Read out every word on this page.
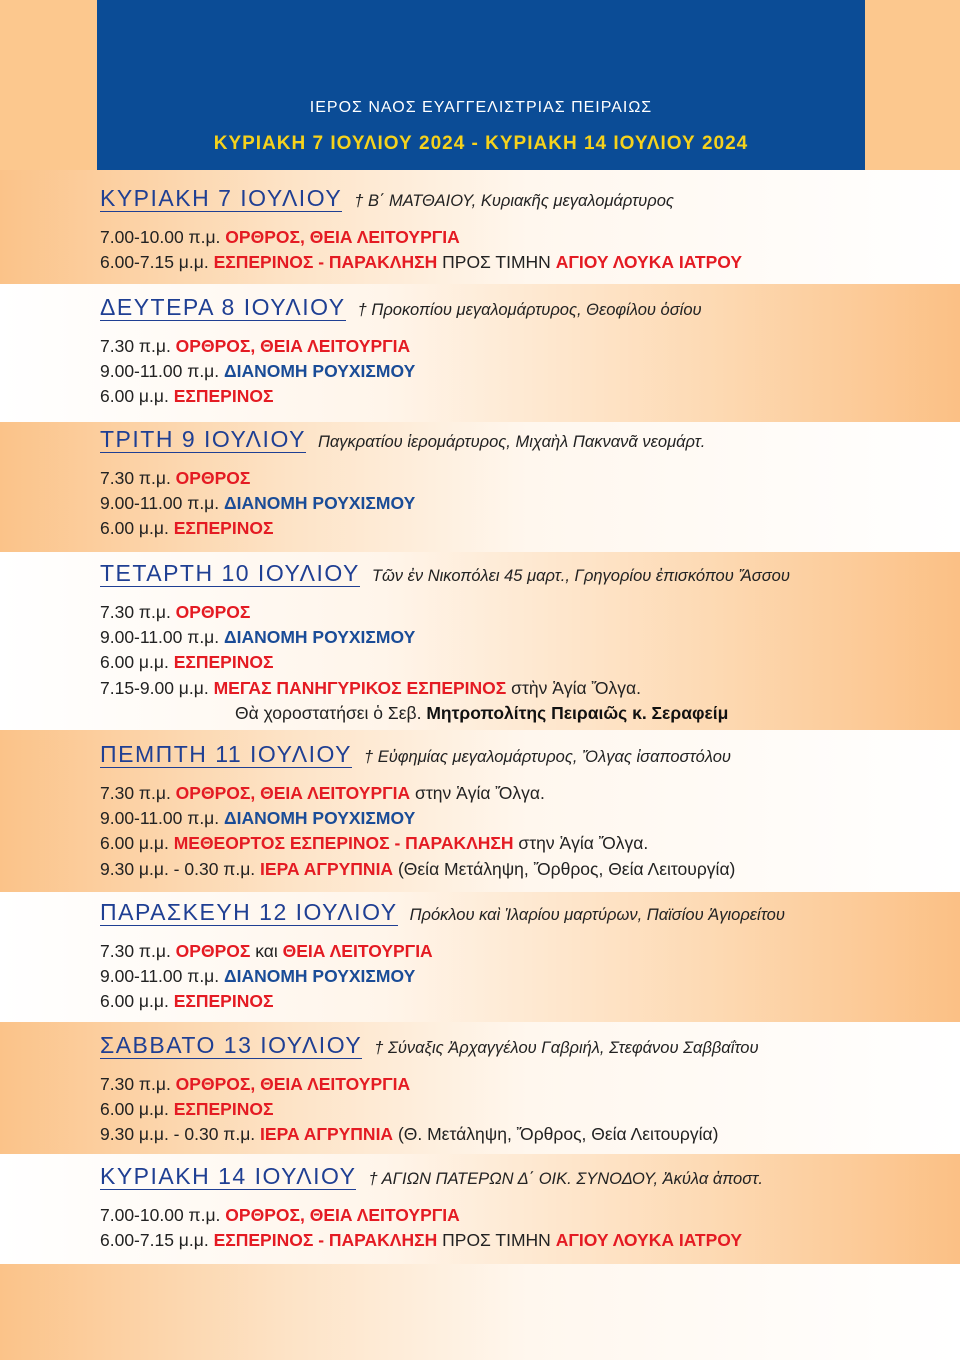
ΙΕΡΟΣ ΝΑΟΣ ΕΥΑΓΓΕΛΙΣΤΡΙΑΣ ΠΕΙΡΑΙΩΣ
ΚΥΡΙΑΚΗ 7 ΙΟΥΛΙΟΥ 2024 - ΚΥΡΙΑΚΗ 14 ΙΟΥΛΙΟΥ 2024
ΚΥΡΙΑΚΗ 7 ΙΟΥΛΙΟΥ † Β΄ ΜΑΤΘΑΙΟΥ, Κυριακῆς μεγαλομάρτυρος
7.00-10.00 π.μ. ΟΡΘΡΟΣ, ΘΕΙΑ ΛΕΙΤΟΥΡΓΙΑ
6.00-7.15 μ.μ. ΕΣΠΕΡΙΝΟΣ - ΠΑΡΑΚΛΗΣΗ ΠΡΟΣ ΤΙΜΗΝ ΑΓΙΟΥ ΛΟΥΚΑ ΙΑΤΡΟΥ
ΔΕΥΤΕΡΑ 8 ΙΟΥΛΙΟΥ † Προκοπίου μεγαλομάρτυρος, Θεοφίλου ὁσίου
7.30 π.μ. ΟΡΘΡΟΣ, ΘΕΙΑ ΛΕΙΤΟΥΡΓΙΑ
9.00-11.00 π.μ. ΔΙΑΝΟΜΗ ΡΟΥΧΙΣΜΟΥ
6.00 μ.μ. ΕΣΠΕΡΙΝΟΣ
ΤΡΙΤΗ 9 ΙΟΥΛΙΟΥ Παγκρατίου ἱερομάρτυρος, Μιχαὴλ Πακνανᾶ νεομάρτ.
7.30 π.μ. ΟΡΘΡΟΣ
9.00-11.00 π.μ. ΔΙΑΝΟΜΗ ΡΟΥΧΙΣΜΟΥ
6.00 μ.μ. ΕΣΠΕΡΙΝΟΣ
ΤΕΤΑΡΤΗ 10 ΙΟΥΛΙΟΥ Τῶν ἐν Νικοπόλει 45 μαρτ., Γρηγορίου ἐπισκόπου Ἄσσου
7.30 π.μ. ΟΡΘΡΟΣ
9.00-11.00 π.μ. ΔΙΑΝΟΜΗ ΡΟΥΧΙΣΜΟΥ
6.00 μ.μ. ΕΣΠΕΡΙΝΟΣ
7.15-9.00 μ.μ. ΜΕΓΑΣ ΠΑΝΗΓΥΡΙΚΟΣ ΕΣΠΕΡΙΝΟΣ στὴν Ἁγία Ὄλγα.
Θὰ χοροστατήσει ὁ Σεβ. Μητροπολίτης Πειραιῶς κ. Σεραφείμ
ΠΕΜΠΤΗ 11 ΙΟΥΛΙΟΥ † Εὐφημίας μεγαλομάρτυρος, Ὄλγας ἰσαποστόλου
7.30 π.μ. ΟΡΘΡΟΣ, ΘΕΙΑ ΛΕΙΤΟΥΡΓΙΑ στην Ἁγία Ὄλγα.
9.00-11.00 π.μ. ΔΙΑΝΟΜΗ ΡΟΥΧΙΣΜΟΥ
6.00 μ.μ. ΜΕΘΕΟΡΤΟΣ ΕΣΠΕΡΙΝΟΣ - ΠΑΡΑΚΛΗΣΗ στην Ἁγία Ὄλγα.
9.30 μ.μ. - 0.30 π.μ. ΙΕΡΑ ΑΓΡΥΠΝΙΑ (Θεία Μετάληψη, Ὄρθρος, Θεία Λειτουργία)
ΠΑΡΑΣΚΕΥΗ 12 ΙΟΥΛΙΟΥ Πρόκλου καὶ Ἱλαρίου μαρτύρων, Παϊσίου Ἁγιορείτου
7.30 π.μ. ΟΡΘΡΟΣ και ΘΕΙΑ ΛΕΙΤΟΥΡΓΙΑ
9.00-11.00 π.μ. ΔΙΑΝΟΜΗ ΡΟΥΧΙΣΜΟΥ
6.00 μ.μ. ΕΣΠΕΡΙΝΟΣ
ΣΑΒΒΑΤΟ 13 ΙΟΥΛΙΟΥ † Σύναξις Ἀρχαγγέλου Γαβριήλ, Στεφάνου Σαββαΐτου
7.30 π.μ. ΟΡΘΡΟΣ, ΘΕΙΑ ΛΕΙΤΟΥΡΓΙΑ
6.00 μ.μ. ΕΣΠΕΡΙΝΟΣ
9.30 μ.μ. - 0.30 π.μ. ΙΕΡΑ ΑΓΡΥΠΝΙΑ (Θ. Μετάληψη, Ὄρθρος, Θεία Λειτουργία)
ΚΥΡΙΑΚΗ 14 ΙΟΥΛΙΟΥ † ΑΓΙΩΝ ΠΑΤΕΡΩΝ Δ΄ ΟΙΚ. ΣΥΝΟΔΟΥ, Ἀκύλα ἀποστ.
7.00-10.00 π.μ. ΟΡΘΡΟΣ, ΘΕΙΑ ΛΕΙΤΟΥΡΓΙΑ
6.00-7.15 μ.μ. ΕΣΠΕΡΙΝΟΣ - ΠΑΡΑΚΛΗΣΗ ΠΡΟΣ ΤΙΜΗΝ ΑΓΙΟΥ ΛΟΥΚΑ ΙΑΤΡΟΥ
